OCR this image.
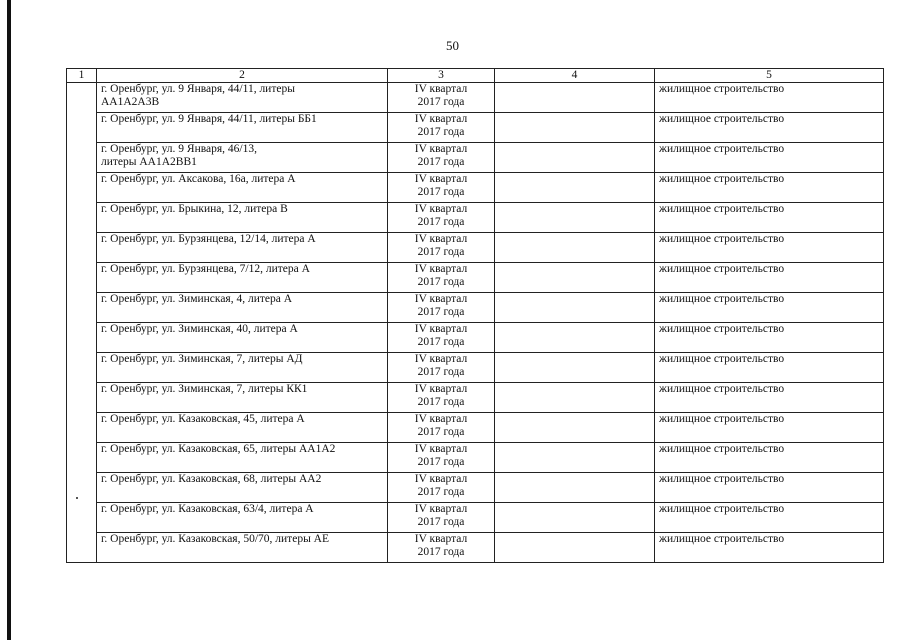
50
1	2	3	4	5
	г. Оренбург, ул. 9 Января, 44/11, литеры
АА1А2А3В	IV квартал
2017 года		жилищное строительство
	г. Оренбург, ул. 9 Января, 44/11, литеры ББ1	IV квартал
2017 года		жилищное строительство
	г. Оренбург, ул. 9 Января, 46/13,
литеры АА1А2ВВ1	IV квартал
2017 года		жилищное строительство
	г. Оренбург, ул. Аксакова, 16а, литера А	IV квартал
2017 года		жилищное строительство
	г. Оренбург, ул. Брыкина, 12, литера В	IV квартал
2017 года		жилищное строительство
	г. Оренбург, ул. Бурзянцева, 12/14, литера А	IV квартал
2017 года		жилищное строительство
	г. Оренбург, ул. Бурзянцева, 7/12, литера А	IV квартал
2017 года		жилищное строительство
	г. Оренбург, ул. Зиминская, 4, литера А	IV квартал
2017 года		жилищное строительство
	г. Оренбург, ул. Зиминская, 40, литера А	IV квартал
2017 года		жилищное строительство
	г. Оренбург, ул. Зиминская, 7, литеры АД	IV квартал
2017 года		жилищное строительство
	г. Оренбург, ул. Зиминская, 7, литеры КК1	IV квартал
2017 года		жилищное строительство
	г. Оренбург, ул. Казаковская, 45, литера А	IV квартал
2017 года		жилищное строительство
	г. Оренбург, ул. Казаковская, 65, литеры АА1А2	IV квартал
2017 года		жилищное строительство
	г. Оренбург, ул. Казаковская, 68, литеры АА2	IV квартал
2017 года		жилищное строительство
	г. Оренбург, ул. Казаковская, 63/4, литера А	IV квартал
2017 года		жилищное строительство
	г. Оренбург, ул. Казаковская, 50/70, литеры АЕ	IV квартал
2017 года		жилищное строительство
